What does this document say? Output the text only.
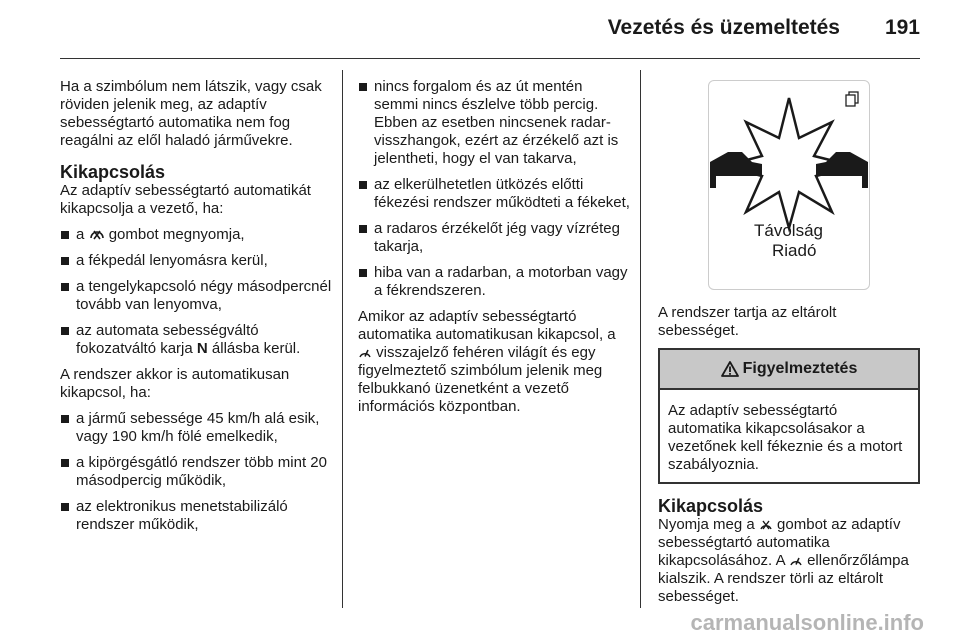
Vezetés és üzemeltetés 191

Ha a szimbólum nem látszik, vagy csak röviden jelenik meg, az adaptív sebességtartó automatika nem fog reagálni az elől haladó járművekre.

Kikapcsolás

Az adaptív sebességtartó automatikát kikapcsolja a vezető, ha:

a gombot megnyomja,
a fékpedál lenyomásra kerül,
a tengelykapcsoló négy másodpercnél tovább van lenyomva,
az automata sebességváltó fokozatváltó karja N állásba kerül.

A rendszer akkor is automatikusan kikapcsol, ha:

a jármű sebessége 45 km/h alá esik, vagy 190 km/h fölé emelkedik,
a kipörgésgátló rendszer több mint 20 másodpercig működik,
az elektronikus menetstabilizáló rendszer működik,
nincs forgalom és az út mentén semmi nincs észlelve több percig. Ebben az esetben nincsenek radar-visszhangok, ezért az érzékelő azt is jelentheti, hogy el van takarva,
az elkerülhetetlen ütközés előtti fékezési rendszer működteti a fékeket,
a radaros érzékelőt jég vagy vízréteg takarja,
hiba van a radarban, a motorban vagy a fékrendszeren.

Amikor az adaptív sebességtartó automatika automatikusan kikapcsol, a  visszajelző fehéren világít és egy figyelmeztető szimbólum jelenik meg felbukkanó üzenetként a vezető információs központban.

Távolság
Riadó

A rendszer tartja az eltárolt sebességet.

Figyelmeztetés
Az adaptív sebességtartó automatika kikapcsolásakor a vezetőnek kell fékeznie és a motort szabályoznia.
Kikapcsolás

Nyomja meg a gombot az adaptív sebességtartó automatika kikapcsolásához. A ellenőrzőlámpa kialszik. A rendszer törli az eltárolt sebességet.

carmanualsonline.info
